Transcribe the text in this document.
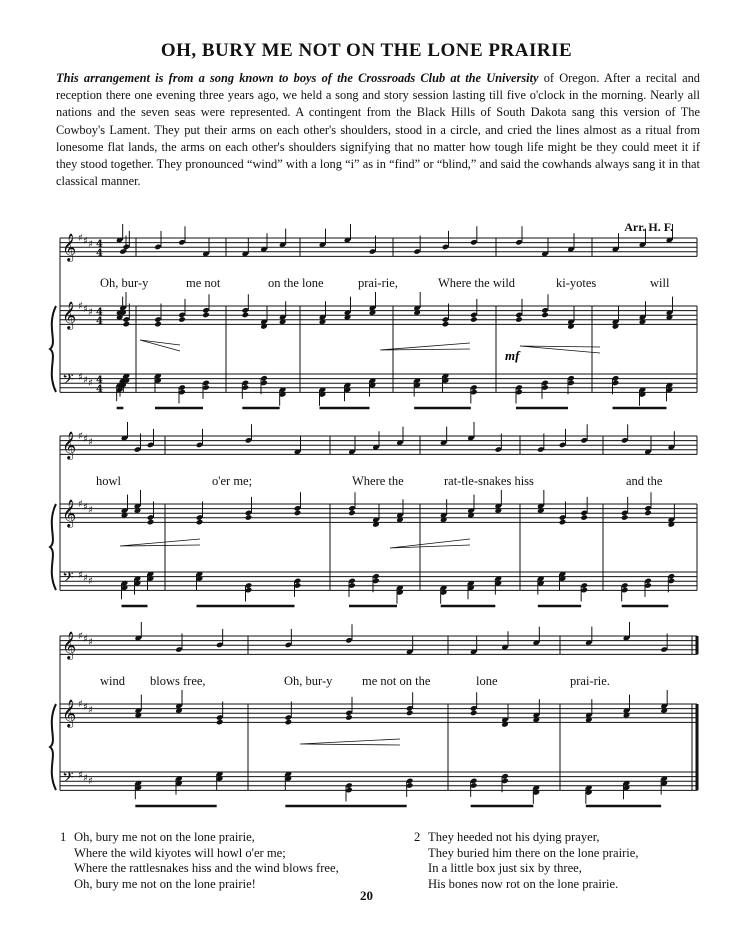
OH, BURY ME NOT ON THE LONE PRAIRIE
This arrangement is from a song known to boys of the Crossroads Club at the University of Oregon. After a recital and reception there one evening three years ago, we held a song and story session lasting till five o'clock in the morning. Nearly all nations and the seven seas were represented. A contingent from the Black Hills of South Dakota sang this version of The Cowboy's Lament. They put their arms on each other's shoulders, stood in a circle, and cried the lines almost as a ritual from lonesome flat lands, the arms on each other's shoulders signifying that no matter how tough life might be they could meet it if they stood together. They pronounced “wind” with a long “i” as in “find” or “blind,” and said the cowhands always sang it in that classical manner.
Arr. H. F.
𝄞 ♯ ♯ ♯ 4
4
𝄞 ♯ ♯ ♯ 4
4
𝄢 ♯ ♯ ♯ 4
4
𝄞 ♯ ♯ ♯
𝄞 ♯ ♯ ♯
𝄢 ♯ ♯ ♯
𝄞 ♯ ♯ ♯
𝄞 ♯ ♯ ♯
𝄢 ♯ ♯ ♯
mf
Oh, bur-y	me not	on the lone	prai-rie,	Where the wild	ki-yotes	will
howl	o'er me;	Where the	rat-tle-snakes hiss	and the
wind blows free,	Oh, bur-y me not on the	lone	prai-rie.
1 Oh, bury me not on the lone prairie,
Where the wild kiyotes will howl o'er me;
Where the rattlesnakes hiss and the wind blows free,
Oh, bury me not on the lone prairie!
2 They heeded not his dying prayer,
They buried him there on the lone prairie,
In a little box just six by three,
His bones now rot on the lone prairie.
20
